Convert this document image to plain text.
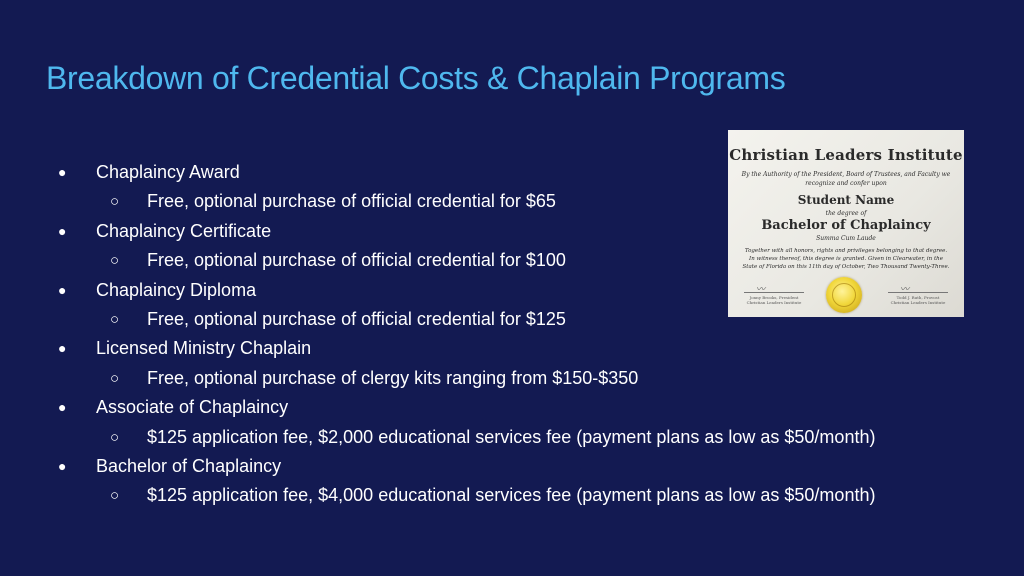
Breakdown of Credential Costs & Chaplain Programs
● Chaplaincy Award
○ Free, optional purchase of official credential for $65
● Chaplaincy Certificate
○ Free, optional purchase of official credential for $100
● Chaplaincy Diploma
○ Free, optional purchase of official credential for $125
● Licensed Ministry Chaplain
○ Free, optional purchase of clergy kits ranging from $150-$350
● Associate of Chaplaincy
○ $125 application fee, $2,000 educational services fee (payment plans as low as $50/month)
● Bachelor of Chaplaincy
○ $125 application fee, $4,000 educational services fee (payment plans as low as $50/month)
Christian Leaders Institute
By the Authority of the President, Board of Trustees, and Faculty we recognize and confer upon
Student Name
the degree of
Bachelor of Chaplaincy
Summa Cum Laude
Together with all honors, rights and privileges belonging to that degree. In witness thereof, this degree is granted. Given in Clearwater, in the State of Florida on this 11th day of October, Two Thousand Twenty-Three.
〰
Jonny Brooks, President Christian Leaders Institute
〰
Todd J. Ruth, Provost Christian Leaders Institute
